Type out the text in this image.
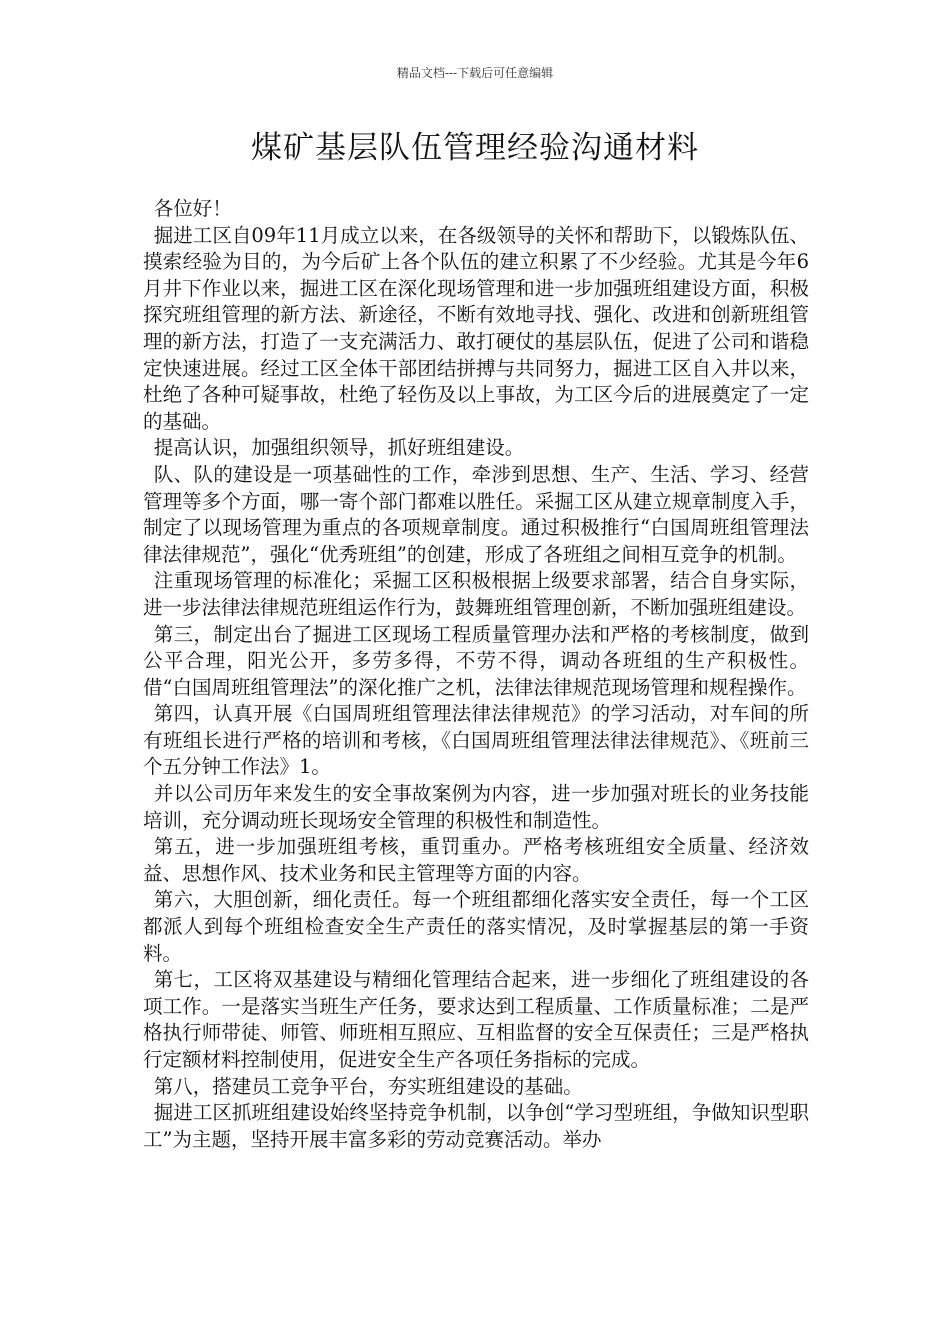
精品文档---下载后可任意编辑
煤矿基层队伍管理经验沟通材料

各位好！

掘进工区自09年11月成立以来，在各级领导的关怀和帮助下，以锻炼队伍、摸索经验为目的，为今后矿上各个队伍的建立积累了不少经验。尤其是今年6月井下作业以来，掘进工区在深化现场管理和进一步加强班组建设方面，积极探究班组管理的新方法、新途径，不断有效地寻找、强化、改进和创新班组管理的新方法，打造了一支充满活力、敢打硬仗的基层队伍，促进了公司和谐稳定快速进展。经过工区全体干部团结拼搏与共同努力，掘进工区自入井以来，杜绝了各种可疑事故，杜绝了轻伤及以上事故，为工区今后的进展奠定了一定的基础。

提高认识，加强组织领导，抓好班组建设。

队、队的建设是一项基础性的工作，牵涉到思想、生产、生活、学习、经营管理等多个方面，哪一寄个部门都难以胜任。采掘工区从建立规章制度入手，制定了以现场管理为重点的各项规章制度。通过积极推行“白国周班组管理法律法律规范”，强化“优秀班组”的创建，形成了各班组之间相互竞争的机制。

注重现场管理的标准化；采掘工区积极根据上级要求部署，结合自身实际，进一步法律法律规范班组运作行为，鼓舞班组管理创新，不断加强班组建设。

第三，制定出台了掘进工区现场工程质量管理办法和严格的考核制度，做到公平合理，阳光公开，多劳多得，不劳不得，调动各班组的生产积极性。借“白国周班组管理法”的深化推广之机，法律法律规范现场管理和规程操作。

第四，认真开展《白国周班组管理法律法律规范》的学习活动，对车间的所有班组长进行严格的培训和考核，《白国周班组管理法律法律规范》、《班前三个五分钟工作法》1。

并以公司历年来发生的安全事故案例为内容，进一步加强对班长的业务技能培训，充分调动班长现场安全管理的积极性和制造性。

第五，进一步加强班组考核，重罚重办。严格考核班组安全质量、经济效益、思想作风、技术业务和民主管理等方面的内容。

第六，大胆创新，细化责任。每一个班组都细化落实安全责任，每一个工区都派人到每个班组检查安全生产责任的落实情况，及时掌握基层的第一手资料。

第七，工区将双基建设与精细化管理结合起来，进一步细化了班组建设的各项工作。一是落实当班生产任务，要求达到工程质量、工作质量标准；二是严格执行师带徒、师管、师班相互照应、互相监督的安全互保责任；三是严格执行定额材料控制使用，促进安全生产各项任务指标的完成。

第八，搭建员工竞争平台，夯实班组建设的基础。

掘进工区抓班组建设始终坚持竞争机制，以争创“学习型班组，争做知识型职工”为主题，坚持开展丰富多彩的劳动竞赛活动。举办
